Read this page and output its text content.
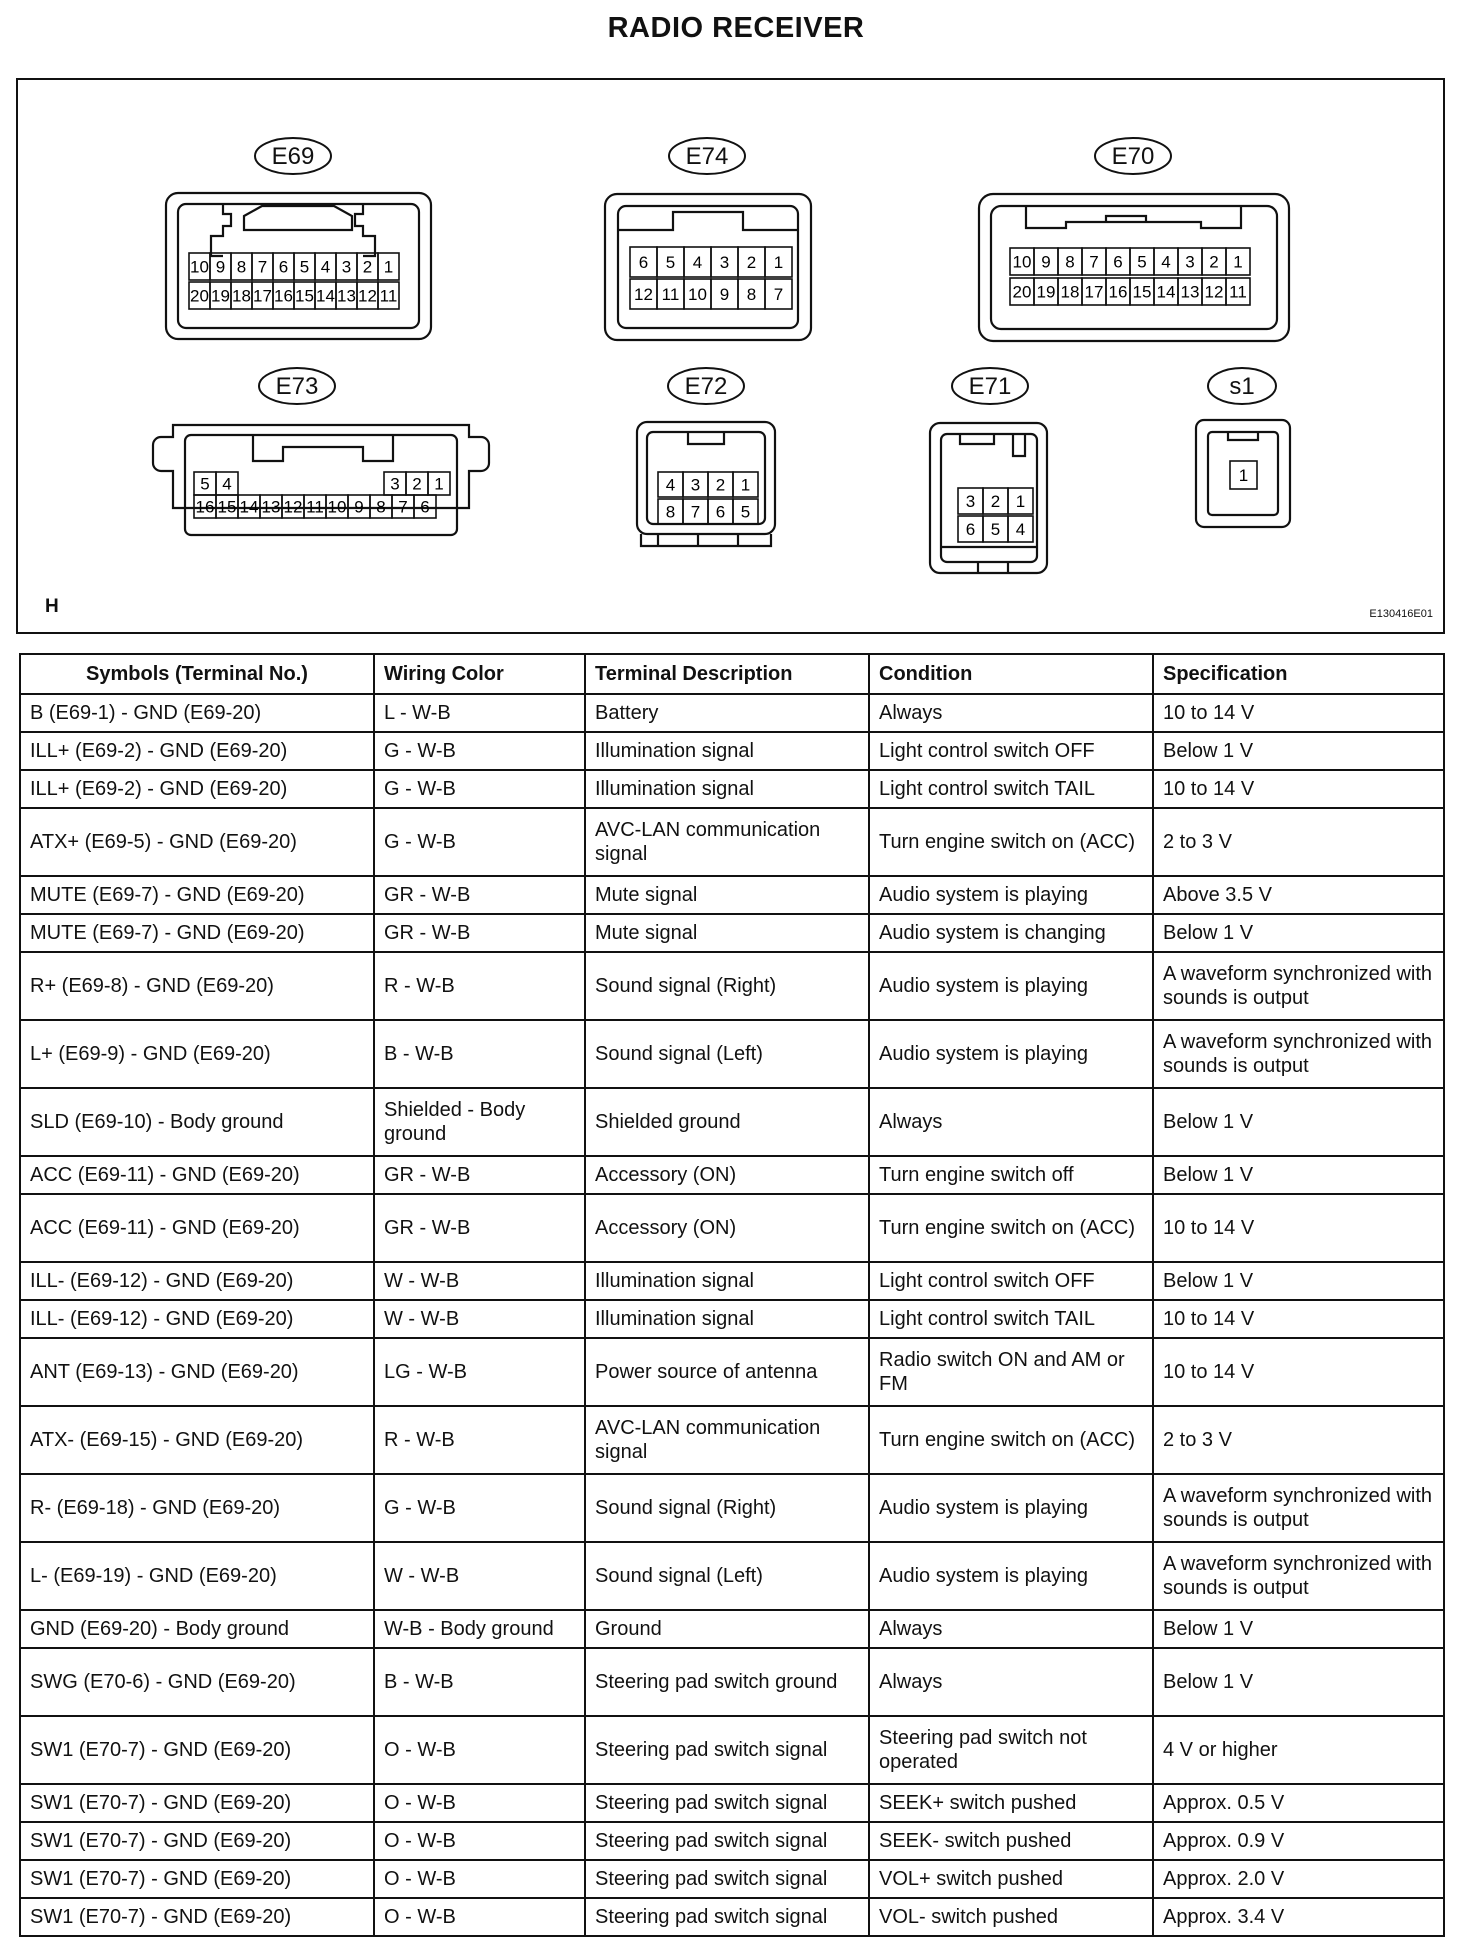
RADIO RECEIVER
E69	E74	E70
E73	E72	E71	s1
10 9 8 7 6 5 4 3 2 1
20 19 18 17 16 15 14 13 12 11
6 5 4 3 2 1
12 11 10 9 8 7
10 9 8 7 6 5 4 3 2 1
20 19 18 17 16 15 14 13 12 11
5 4	3 2 1
16 15 14 13 12 11 10 9 8 7 6
4 3 2 1
8 7 6 5
3 2 1
6 5 4
1
H	E130416E01
Symbols (Terminal No.)	Wiring Color	Terminal Description	Condition	Specification
B (E69-1) - GND (E69-20)	L - W-B	Battery	Always	10 to 14 V
ILL+ (E69-2) - GND (E69-20)	G - W-B	Illumination signal	Light control switch OFF	Below 1 V
ILL+ (E69-2) - GND (E69-20)	G - W-B	Illumination signal	Light control switch TAIL	10 to 14 V
ATX+ (E69-5) - GND (E69-20)	G - W-B	AVC-LAN communication signal	Turn engine switch on (ACC)	2 to 3 V
MUTE (E69-7) - GND (E69-20)	GR - W-B	Mute signal	Audio system is playing	Above 3.5 V
MUTE (E69-7) - GND (E69-20)	GR - W-B	Mute signal	Audio system is changing	Below 1 V
R+ (E69-8) - GND (E69-20)	R - W-B	Sound signal (Right)	Audio system is playing	A waveform synchronized with sounds is output
L+ (E69-9) - GND (E69-20)	B - W-B	Sound signal (Left)	Audio system is playing	A waveform synchronized with sounds is output
SLD (E69-10) - Body ground	Shielded - Body ground	Shielded ground	Always	Below 1 V
ACC (E69-11) - GND (E69-20)	GR - W-B	Accessory (ON)	Turn engine switch off	Below 1 V
ACC (E69-11) - GND (E69-20)	GR - W-B	Accessory (ON)	Turn engine switch on (ACC)	10 to 14 V
ILL- (E69-12) - GND (E69-20)	W - W-B	Illumination signal	Light control switch OFF	Below 1 V
ILL- (E69-12) - GND (E69-20)	W - W-B	Illumination signal	Light control switch TAIL	10 to 14 V
ANT (E69-13) - GND (E69-20)	LG - W-B	Power source of antenna	Radio switch ON and AM or FM	10 to 14 V
ATX- (E69-15) - GND (E69-20)	R - W-B	AVC-LAN communication signal	Turn engine switch on (ACC)	2 to 3 V
R- (E69-18) - GND (E69-20)	G - W-B	Sound signal (Right)	Audio system is playing	A waveform synchronized with sounds is output
L- (E69-19) - GND (E69-20)	W - W-B	Sound signal (Left)	Audio system is playing	A waveform synchronized with sounds is output
GND (E69-20) - Body ground	W-B - Body ground	Ground	Always	Below 1 V
SWG (E70-6) - GND (E69-20)	B - W-B	Steering pad switch ground	Always	Below 1 V
SW1 (E70-7) - GND (E69-20)	O - W-B	Steering pad switch signal	Steering pad switch not operated	4 V or higher
SW1 (E70-7) - GND (E69-20)	O - W-B	Steering pad switch signal	SEEK+ switch pushed	Approx. 0.5 V
SW1 (E70-7) - GND (E69-20)	O - W-B	Steering pad switch signal	SEEK- switch pushed	Approx. 0.9 V
SW1 (E70-7) - GND (E69-20)	O - W-B	Steering pad switch signal	VOL+ switch pushed	Approx. 2.0 V
SW1 (E70-7) - GND (E69-20)	O - W-B	Steering pad switch signal	VOL- switch pushed	Approx. 3.4 V
